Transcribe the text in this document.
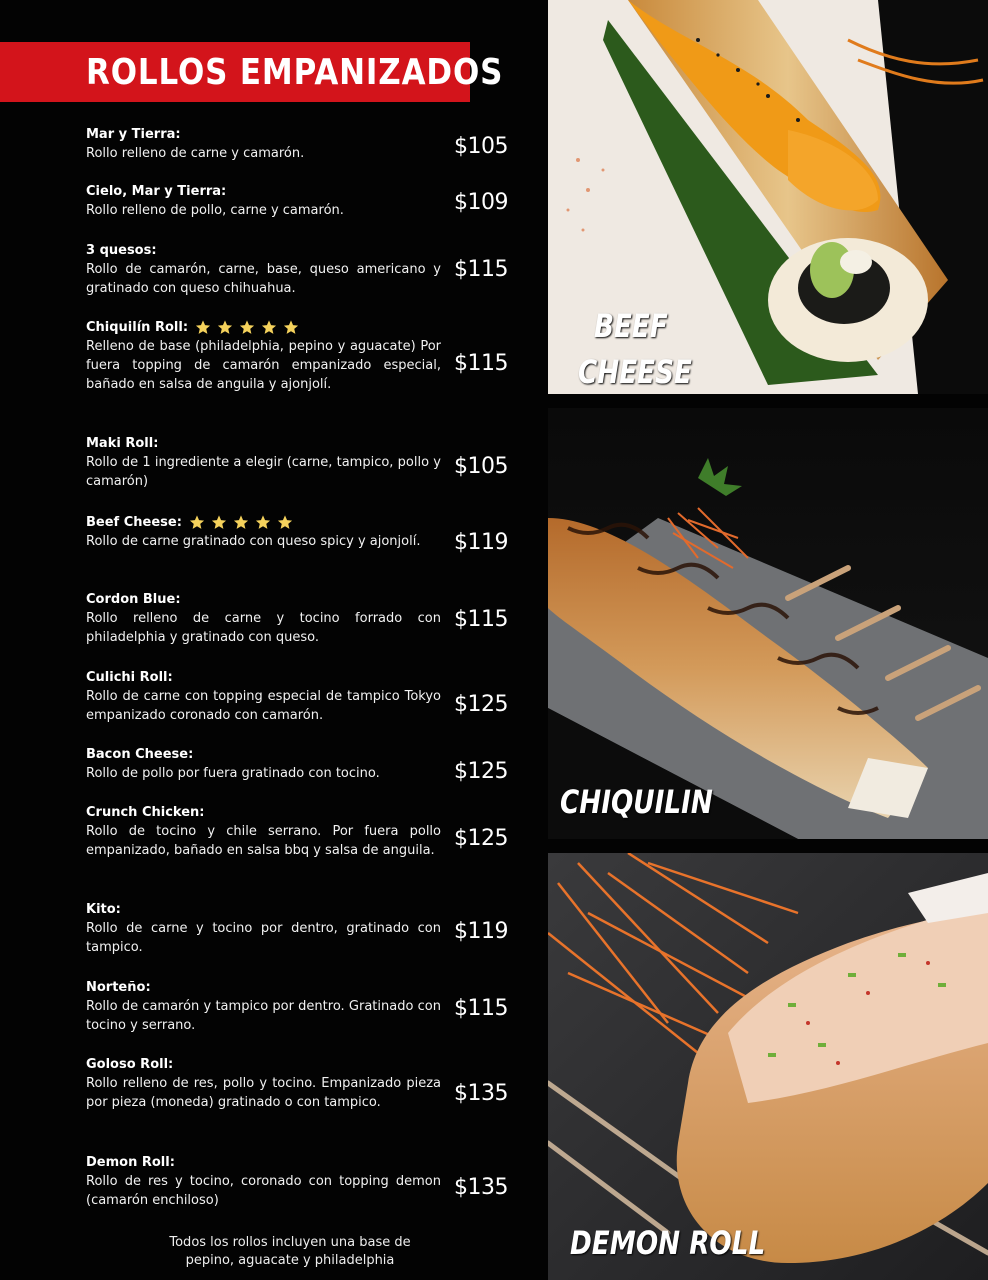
ROLLOS EMPANIZADOS
Mar y Tierra:
Rollo relleno de carne y camarón.	$105
Cielo, Mar y Tierra:
Rollo relleno de pollo, carne y camarón.	$109
3 quesos:
Rollo de camarón, carne, base, queso americano y gratinado con queso chihuahua.
$115
Chiquilín Roll:
Relleno de base (philadelphia, pepino y aguacate) Por fuera topping de camarón empanizado especial, bañado en salsa de anguila y ajonjolí.
$115
Maki Roll:
Rollo de 1 ingrediente a elegir (carne, tampico, pollo y camarón)
$105
Beef Cheese:
Rollo de carne gratinado con queso spicy y ajonjolí.	$119
Cordon Blue:
Rollo relleno de carne y tocino forrado con philadelphia y gratinado con queso.
$115
Culichi Roll:
Rollo de carne con topping especial de tampico Tokyo empanizado coronado con camarón.	$125
Bacon Cheese:
Rollo de pollo por fuera gratinado con tocino.	$125
Crunch Chicken:
Rollo de tocino y chile serrano. Por fuera pollo empanizado, bañado en salsa bbq y salsa de anguila. $125
Kito:
Rollo de carne y tocino por dentro, gratinado con tampico.
$119
Norteño:
Rollo de camarón y tampico por dentro. Gratinado con tocino y serrano.
$115
Goloso Roll:
Rollo relleno de res, pollo y tocino. Empanizado pieza por pieza (moneda) gratinado o con tampico.	$135
Demon Roll:
Rollo de res y tocino, coronado con topping demon (camarón enchiloso)
$135
Todos los rollos incluyen una base de pepino, aguacate y philadelphia
BEEF
CHEESE
CHIQUILIN
DEMON ROLL
